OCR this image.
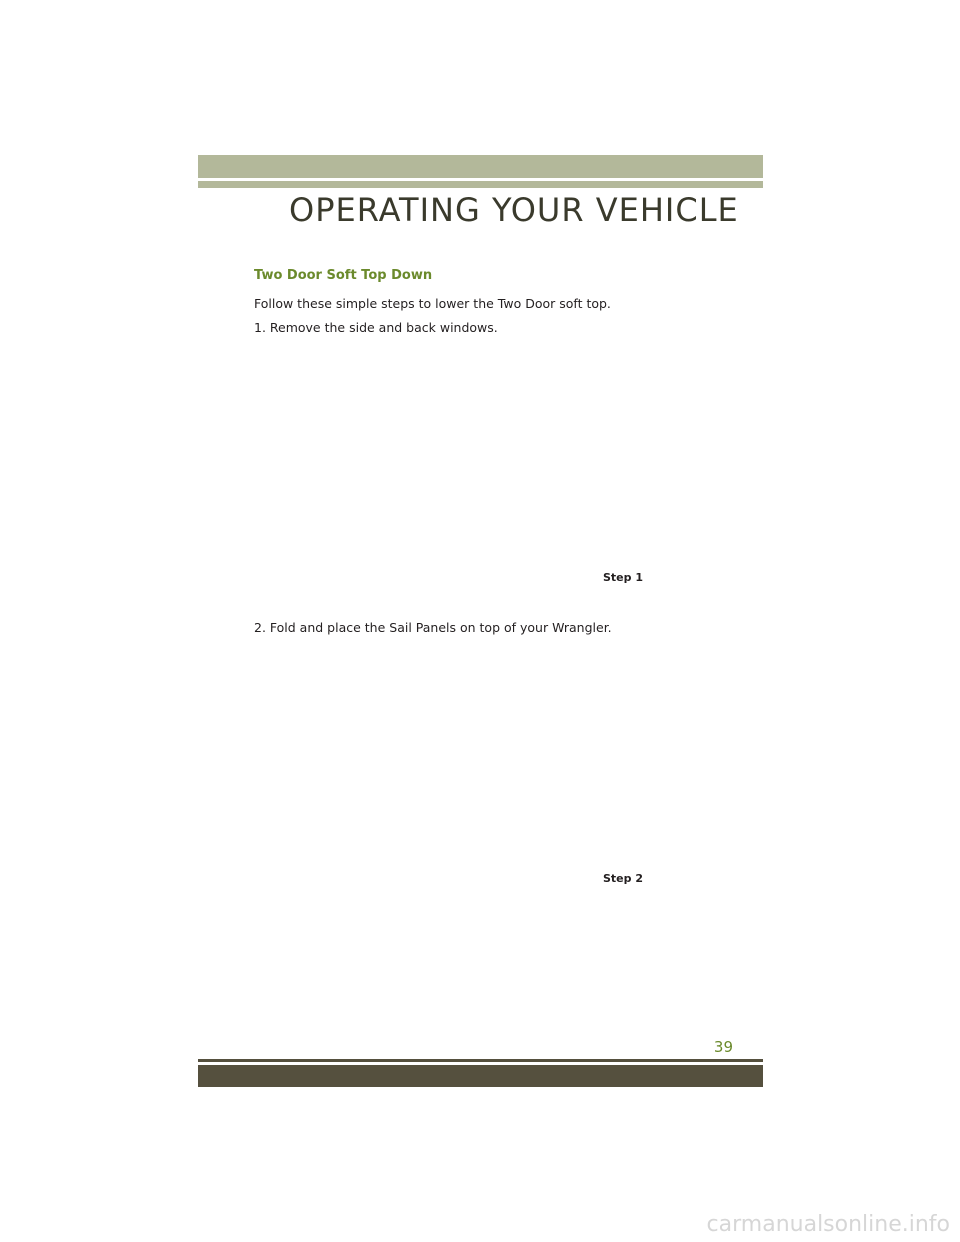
OPERATING YOUR VEHICLE
Two Door Soft Top Down

Follow these simple steps to lower the Two Door soft top.

1. Remove the side and back windows.

Step 1

2. Fold and place the Sail Panels on top of your Wrangler.

Step 2

39

carmanualsonline.info
